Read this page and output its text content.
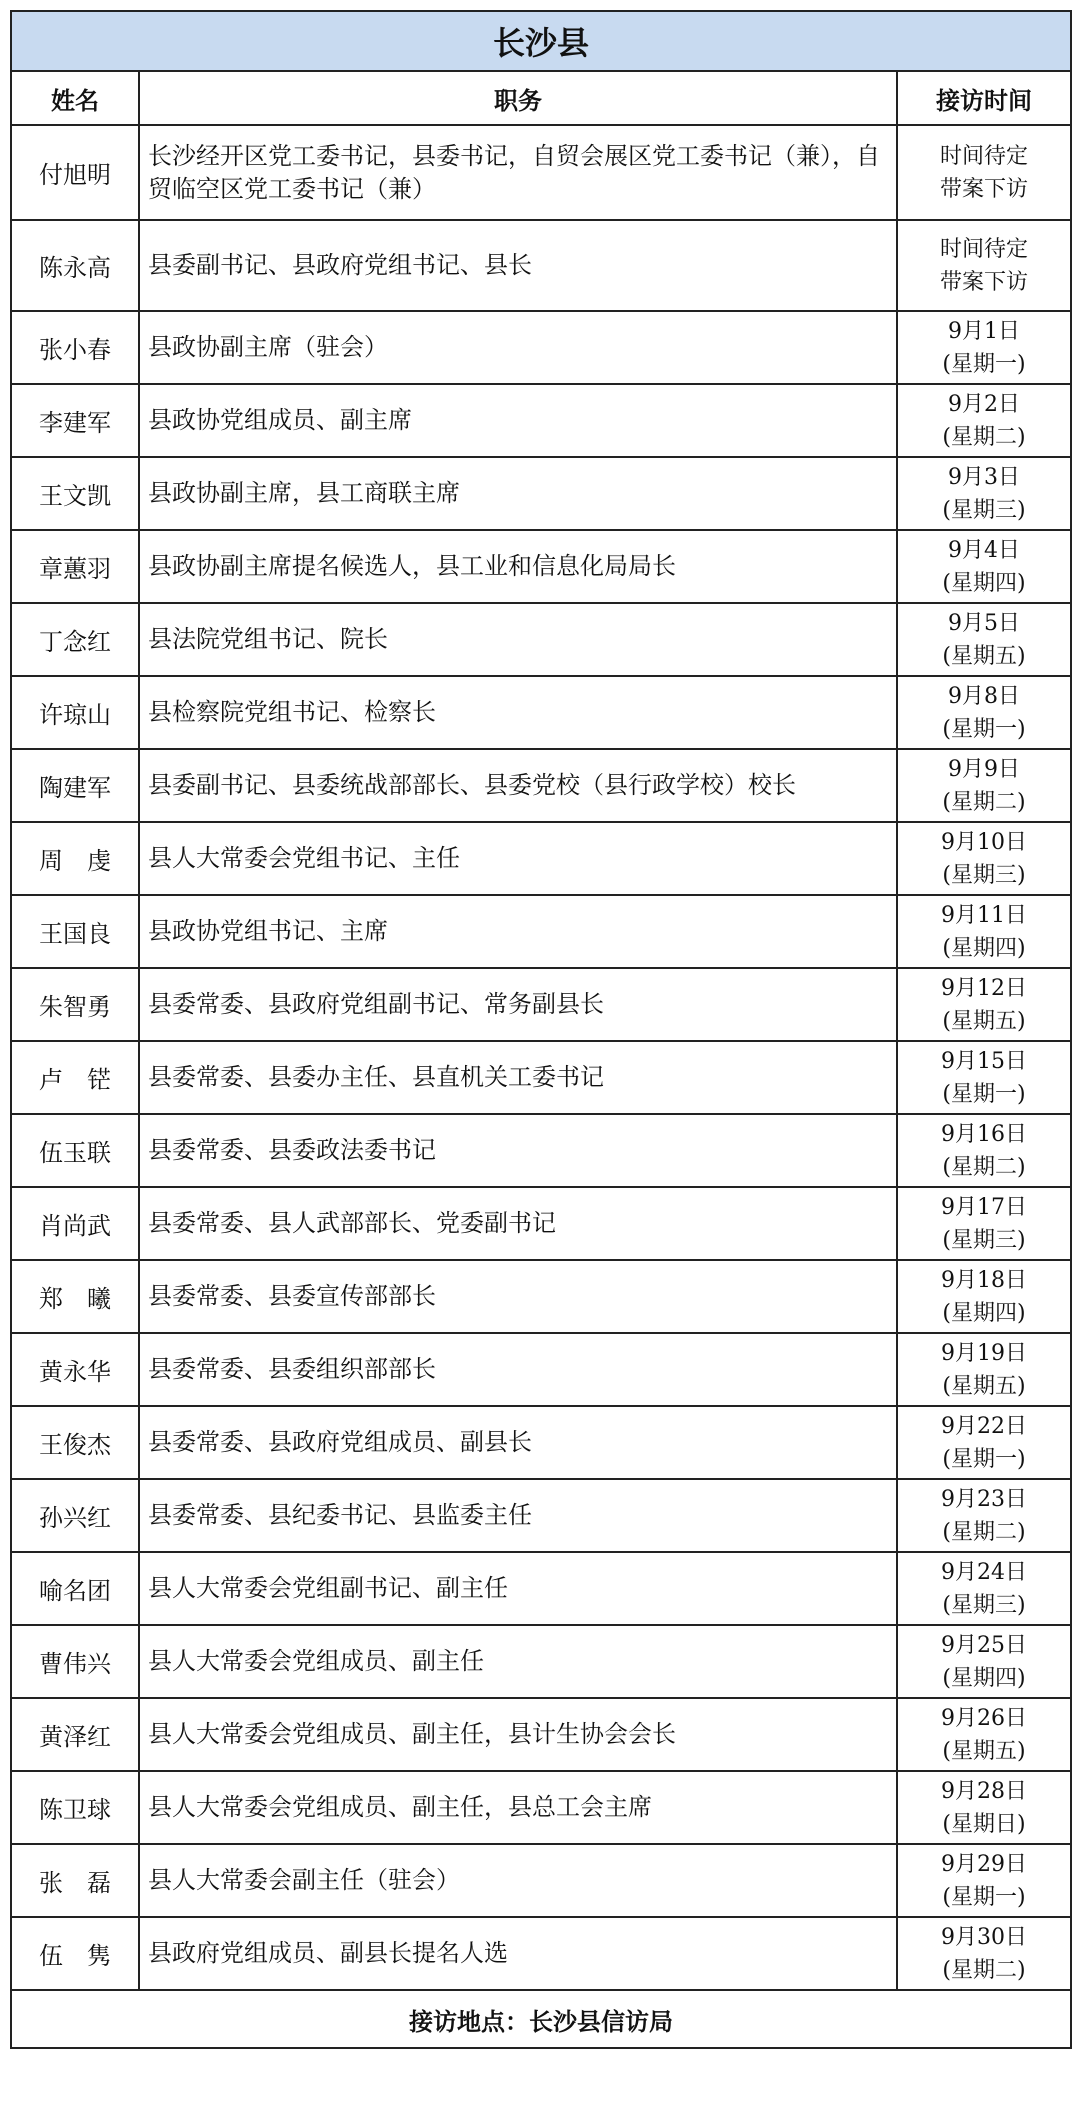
长沙县		
姓名	职务	接访时间
付旭明	长沙经开区党工委书记，县委书记，自贸会展区党工委书记（兼），自贸临空区党工委书记（兼）	时间待定
带案下访

陈永高	县委副书记、县政府党组书记、县长	时间待定
带案下访

张小春	县政协副主席（驻会）	9月1日
(星期一)

李建军	县政协党组成员、副主席	9月2日
(星期二)

王文凯	县政协副主席，县工商联主席	9月3日
(星期三)

章蕙羽	县政协副主席提名候选人，县工业和信息化局局长	9月4日
(星期四)

丁念红	县法院党组书记、院长	9月5日
(星期五)

许琼山	县检察院党组书记、检察长	9月8日
(星期一)

陶建军	县委副书记、县委统战部部长、县委党校（县行政学校）校长	9月9日
(星期二)

周　虔	县人大常委会党组书记、主任	9月10日
(星期三)

王国良	县政协党组书记、主席	9月11日
(星期四)

朱智勇	县委常委、县政府党组副书记、常务副县长	9月12日
(星期五)

卢　铓	县委常委、县委办主任、县直机关工委书记	9月15日
(星期一)

伍玉联	县委常委、县委政法委书记	9月16日
(星期二)

肖尚武	县委常委、县人武部部长、党委副书记	9月17日
(星期三)

郑　曦	县委常委、县委宣传部部长	9月18日
(星期四)

黄永华	县委常委、县委组织部部长	9月19日
(星期五)

王俊杰	县委常委、县政府党组成员、副县长	9月22日
(星期一)

孙兴红	县委常委、县纪委书记、县监委主任	9月23日
(星期二)

喻名团	县人大常委会党组副书记、副主任	9月24日
(星期三)

曹伟兴	县人大常委会党组成员、副主任	9月25日
(星期四)

黄泽红	县人大常委会党组成员、副主任，县计生协会会长	9月26日
(星期五)

陈卫球	县人大常委会党组成员、副主任，县总工会主席	9月28日
(星期日)

张　磊	县人大常委会副主任（驻会）	9月29日
(星期一)

伍　隽	县政府党组成员、副县长提名人选	9月30日
(星期二)

接访地点：长沙县信访局		
